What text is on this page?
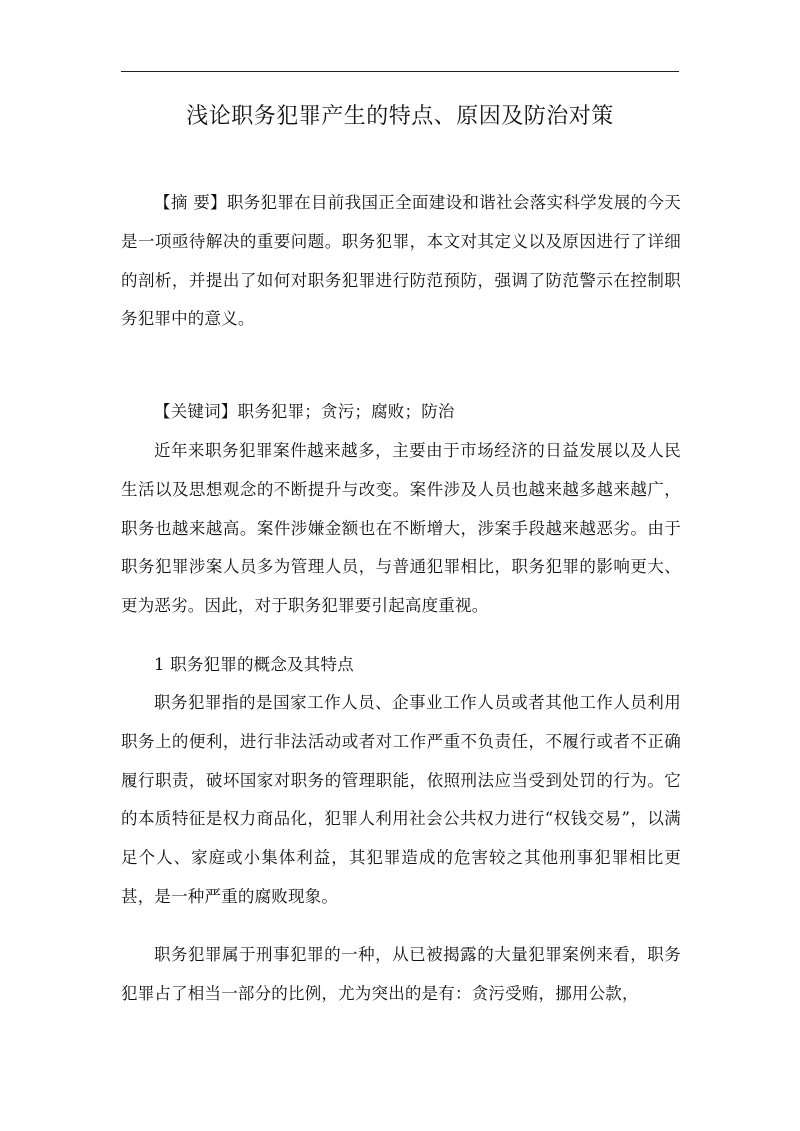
浅论职务犯罪产生的特点、原因及防治对策

【摘 要】职务犯罪在目前我国正全面建设和谐社会落实科学发展的今天是一项亟待解决的重要问题。职务犯罪，本文对其定义以及原因进行了详细的剖析，并提出了如何对职务犯罪进行防范预防，强调了防范警示在控制职务犯罪中的意义。

【关键词】职务犯罪；贪污；腐败；防治

近年来职务犯罪案件越来越多，主要由于市场经济的日益发展以及人民生活以及思想观念的不断提升与改变。案件涉及人员也越来越多越来越广，职务也越来越高。案件涉嫌金额也在不断增大，涉案手段越来越恶劣。由于职务犯罪涉案人员多为管理人员，与普通犯罪相比，职务犯罪的影响更大、更为恶劣。因此，对于职务犯罪要引起高度重视。

1 职务犯罪的概念及其特点

职务犯罪指的是国家工作人员、企事业工作人员或者其他工作人员利用职务上的便利，进行非法活动或者对工作严重不负责任，不履行或者不正确履行职责，破坏国家对职务的管理职能，依照刑法应当受到处罚的行为。它的本质特征是权力商品化，犯罪人利用社会公共权力进行“权钱交易”，以满足个人、家庭或小集体利益，其犯罪造成的危害较之其他刑事犯罪相比更甚，是一种严重的腐败现象。

职务犯罪属于刑事犯罪的一种，从已被揭露的大量犯罪案例来看，职务犯罪占了相当一部分的比例，尤为突出的是有：贪污受贿，挪用公款，
